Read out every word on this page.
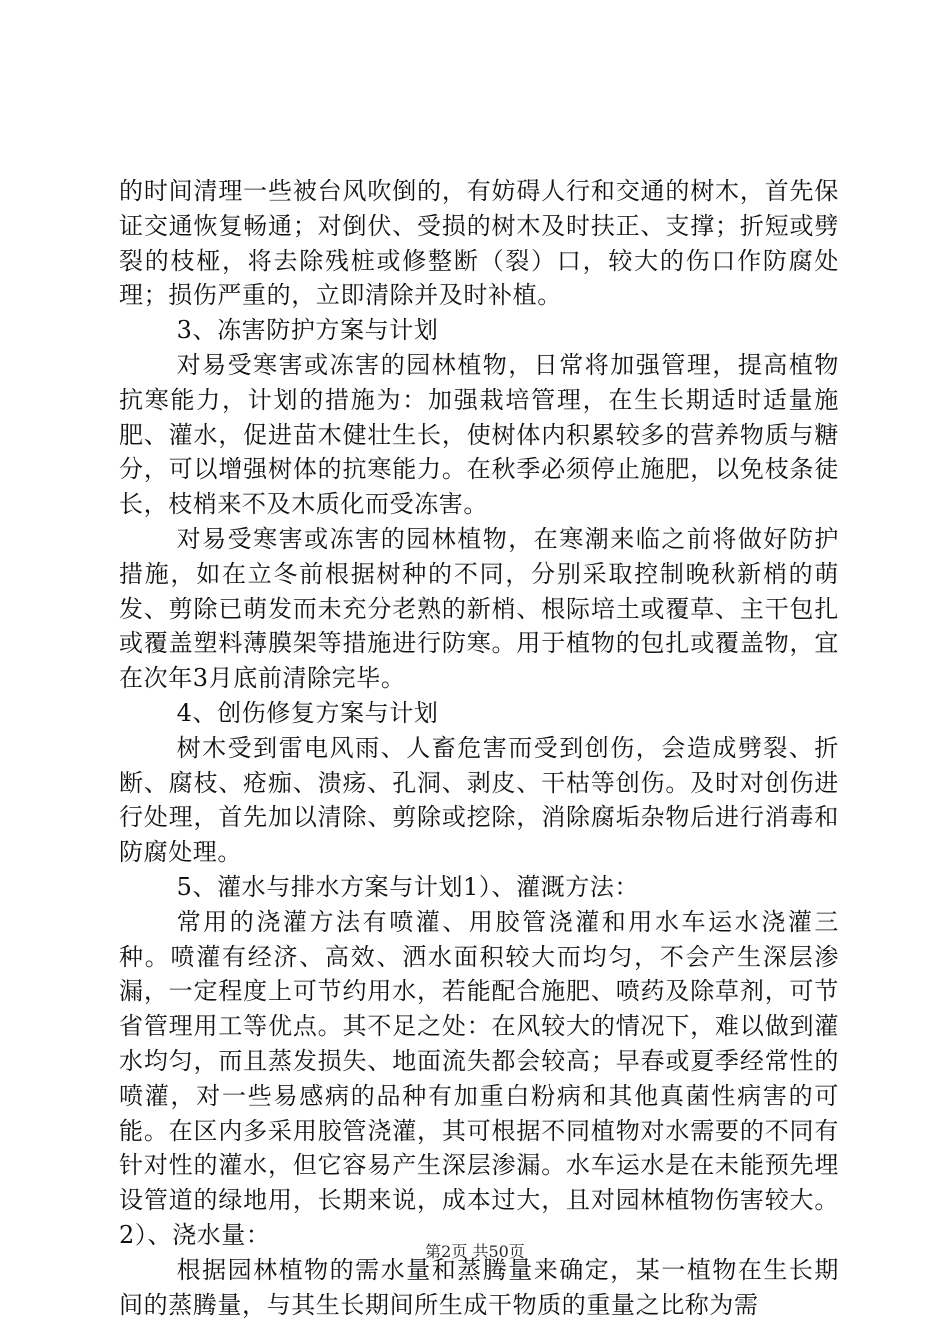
的时间清理一些被台风吹倒的，有妨碍人行和交通的树木，首先保证交通恢复畅通；对倒伏、受损的树木及时扶正、支撑；折短或劈裂的枝桠，将去除残桩或修整断（裂）口，较大的伤口作防腐处理；损伤严重的，立即清除并及时补植。

3、冻害防护方案与计划

对易受寒害或冻害的园林植物，日常将加强管理，提高植物抗寒能力，计划的措施为：加强栽培管理，在生长期适时适量施肥、灌水，促进苗木健壮生长，使树体内积累较多的营养物质与糖分，可以增强树体的抗寒能力。在秋季必须停止施肥，以免枝条徒长，枝梢来不及木质化而受冻害。

对易受寒害或冻害的园林植物，在寒潮来临之前将做好防护措施，如在立冬前根据树种的不同，分别采取控制晚秋新梢的萌发、剪除已萌发而未充分老熟的新梢、根际培土或覆草、主干包扎或覆盖塑料薄膜架等措施进行防寒。用于植物的包扎或覆盖物，宜在次年3月底前清除完毕。

4、创伤修复方案与计划

树木受到雷电风雨、人畜危害而受到创伤，会造成劈裂、折断、腐枝、疮痂、溃疡、孔洞、剥皮、干枯等创伤。及时对创伤进行处理，首先加以清除、剪除或挖除，消除腐垢杂物后进行消毒和防腐处理。

5、灌水与排水方案与计划1）、灌溉方法：

常用的浇灌方法有喷灌、用胶管浇灌和用水车运水浇灌三种。喷灌有经济、高效、洒水面积较大而均匀，不会产生深层渗漏，一定程度上可节约用水，若能配合施肥、喷药及除草剂，可节省管理用工等优点。其不足之处：在风较大的情况下，难以做到灌水均匀，而且蒸发损失、地面流失都会较高；早春或夏季经常性的喷灌，对一些易感病的品种有加重白粉病和其他真菌性病害的可能。在区内多采用胶管浇灌，其可根据不同植物对水需要的不同有针对性的灌水，但它容易产生深层渗漏。水车运水是在未能预先埋设管道的绿地用，长期来说，成本过大，且对园林植物伤害较大。2）、浇水量：

根据园林植物的需水量和蒸腾量来确定，某一植物在生长期间的蒸腾量，与其生长期间所生成干物质的重量之比称为需

第2页 共50页
